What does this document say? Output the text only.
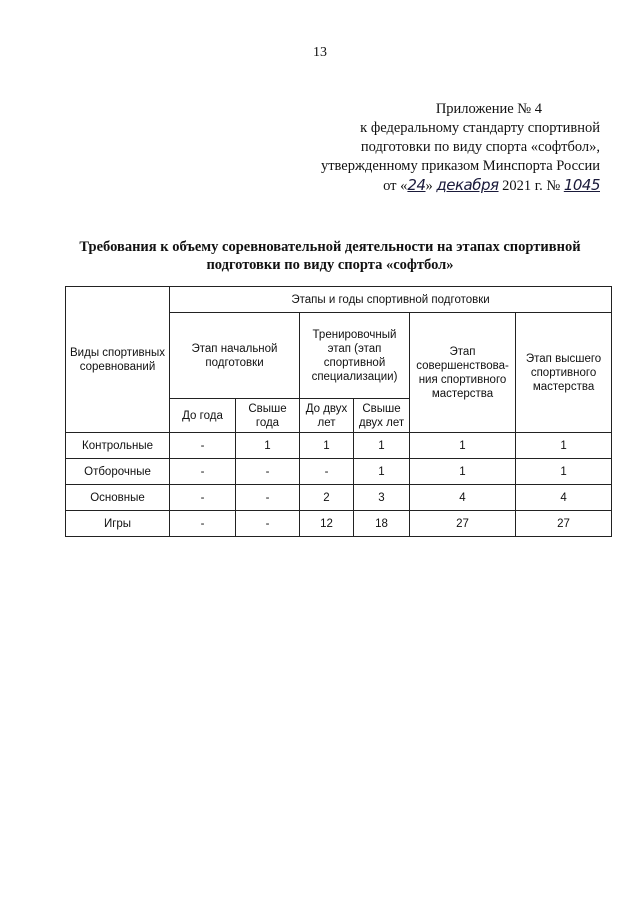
13
Приложение № 4
к федеральному стандарту спортивной
подготовки по виду спорта «софтбол»,
утвержденному приказом Минспорта России
от «24» декабря 2021 г. № 1045
Требования к объему соревновательной деятельности на этапах спортивной
подготовки по виду спорта «софтбол»
Виды спортивных соревнований	Этапы и годы спортивной подготовки					
	Этап начальной подготовки		Тренировочный этап (этап спортивной специализации)		Этап совершенствова-ния спортивного мастерства	Этап высшего спортивного мастерства
	До года	Свыше года	До двух лет	Свыше двух лет		
Контрольные	-	1	1	1	1	1
Отборочные	-	-	-	1	1	1
Основные	-	-	2	3	4	4
Игры	-	-	12	18	27	27
